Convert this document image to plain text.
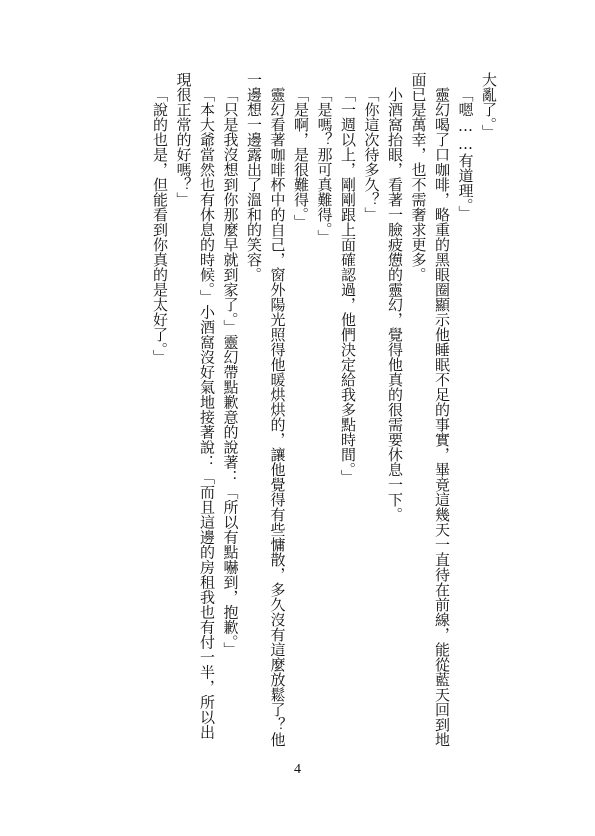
大亂了。」
「嗯……有道理。」
靈幻喝了口咖啡，略重的黑眼圈顯示他睡眠不足的事實，畢竟這幾天一直待在前線，能從藍天回到地
面已是萬幸，也不需奢求更多。
小酒窩抬眼，看著一臉疲憊的靈幻，覺得他真的很需要休息一下。
「你這次待多久？」
「一週以上，剛剛跟上面確認過，他們決定給我多點時間。」
「是嗎？那可真難得。」
「是啊，是很難得。」
靈幻看著咖啡杯中的自己，窗外陽光照得他暖烘烘的，讓他覺得有些慵散，多久沒有這麼放鬆了？他
一邊想一邊露出了溫和的笑容。
「只是我沒想到你那麼早就到家了。」靈幻帶點歉意的說著：「所以有點嚇到，抱歉。」
「本大爺當然也有休息的時候。」小酒窩沒好氣地接著說：「而且這邊的房租我也有付一半，所以出
現很正常的好嗎？」
「說的也是，但能看到你真的是太好了。」
4
